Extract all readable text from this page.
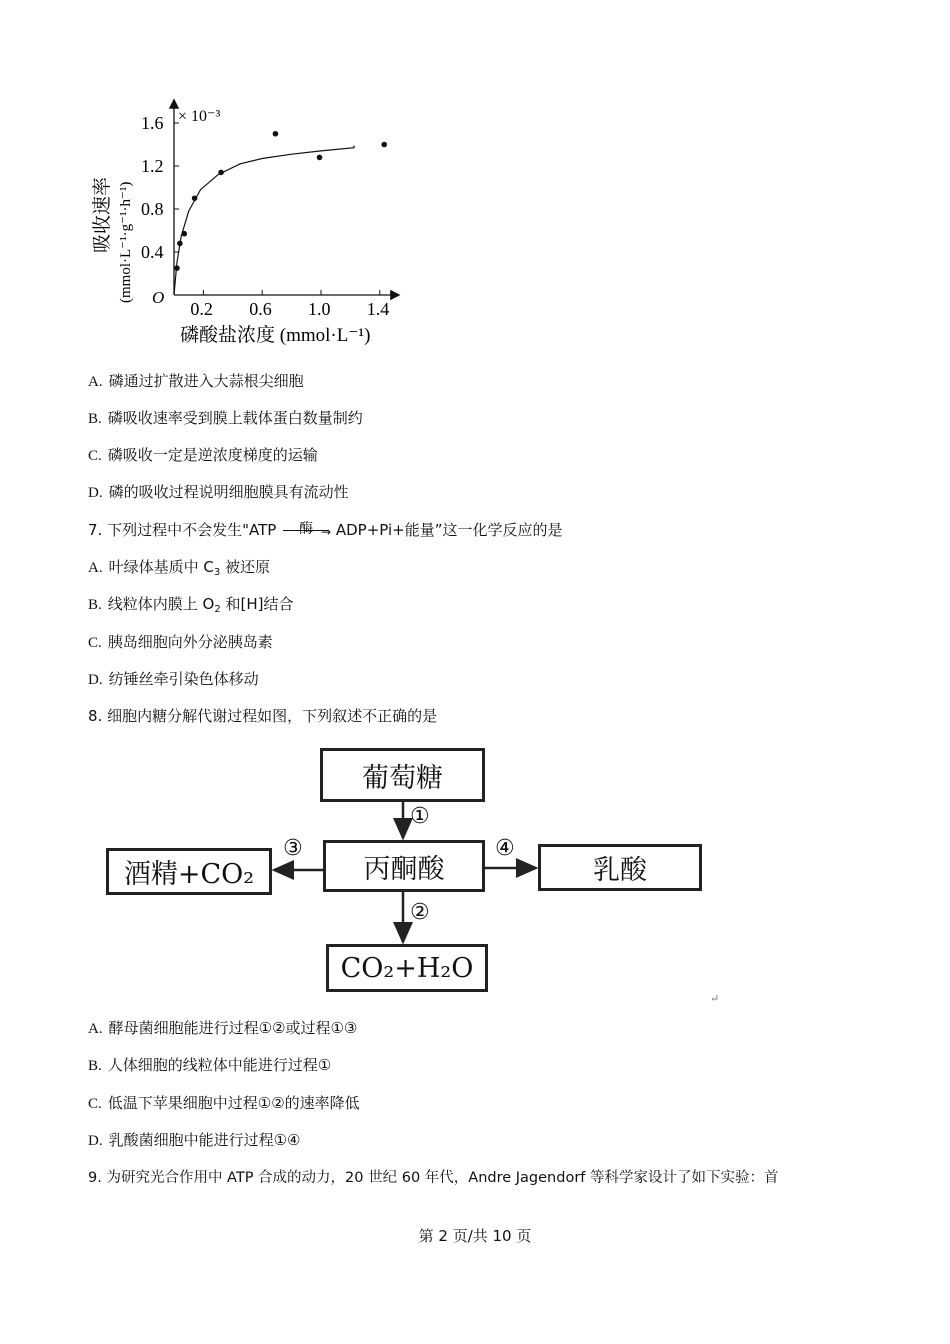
0.2 0.6 1.0 1.4
0.4
0.8
1.2
1.6 × 10⁻³
O
磷酸盐浓度 (mmol·L⁻¹)
吸收速率 (mmol·L⁻¹·g⁻¹·h⁻¹)
A. 磷通过扩散进入大蒜根尖细胞
B. 磷吸收速率受到膜上载体蛋白数量制约
C. 磷吸收一定是逆浓度梯度的运输
D. 磷的吸收过程说明细胞膜具有流动性
7. 下列过程中不会发生"ATP	酶 → ADP+Pi+能量”这一化学反应的是
A. 叶绿体基质中 $C_3$ 被还原
B. 线粒体内膜上 $O_2$ 和[H]结合
C. 胰岛细胞向外分泌胰岛素
D. 纺锤丝牵引染色体移动
8. 细胞内糖分解代谢过程如图，下列叙述不正确的是
葡萄糖
丙酮酸
酒精+CO₂	乳酸
CO₂+H₂O
①
②
③	④
↵
A. 酵母菌细胞能进行过程①②或过程①③
B. 人体细胞的线粒体中能进行过程①
C. 低温下苹果细胞中过程①②的速率降低
D. 乳酸菌细胞中能进行过程①④
9. 为研究光合作用中 ATP 合成的动力，20 世纪 60 年代，Andre Jagendorf 等科学家设计了如下实验：首
第 2 页/共 10 页
